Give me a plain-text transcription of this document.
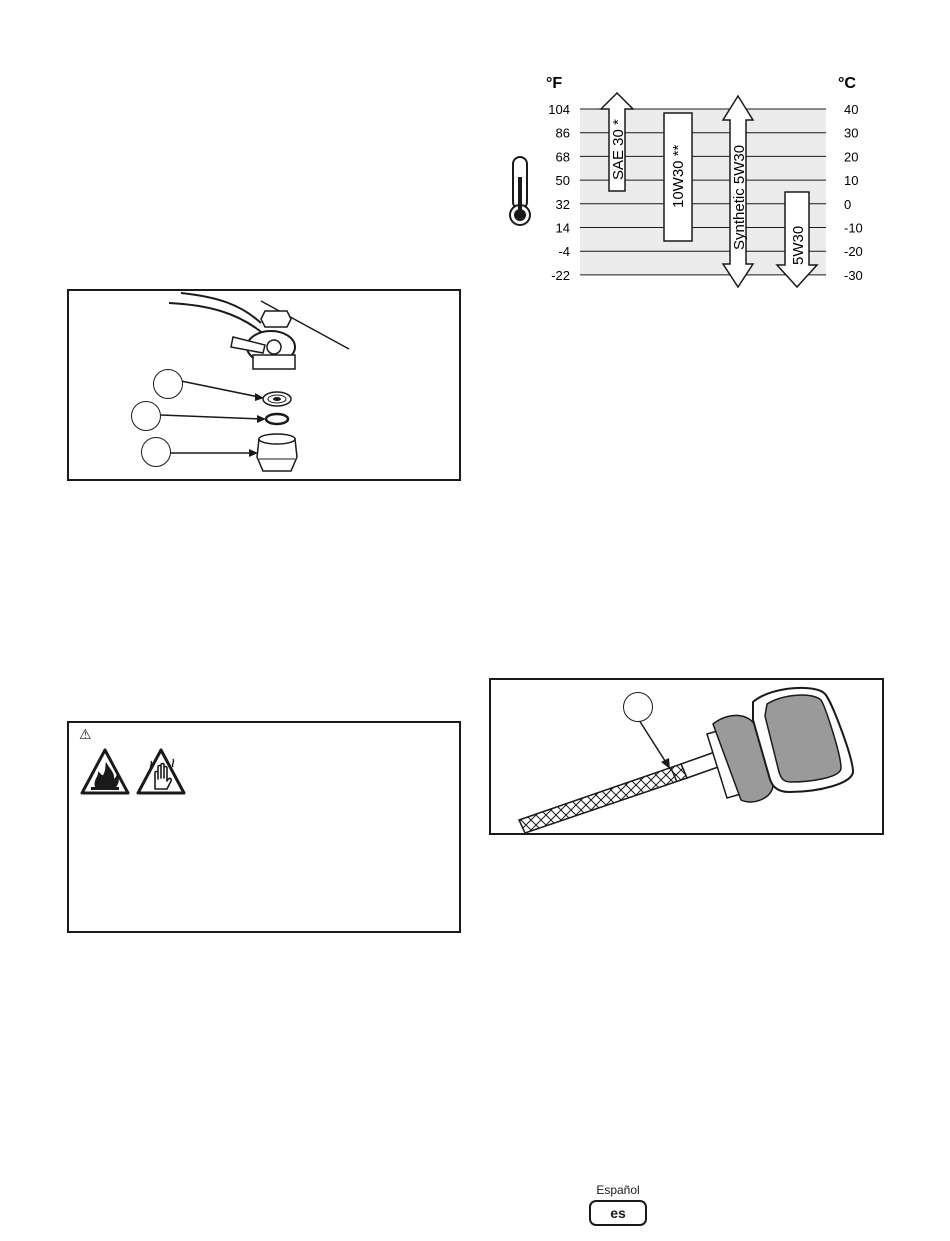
°F	°C
104
86
68
50
32
14
-4
-22
40
30
20
10
0
-10
-20
-30
SAE 30 *	10W30 **	Synthetic 5W30	5W30
⚠
Español
es
